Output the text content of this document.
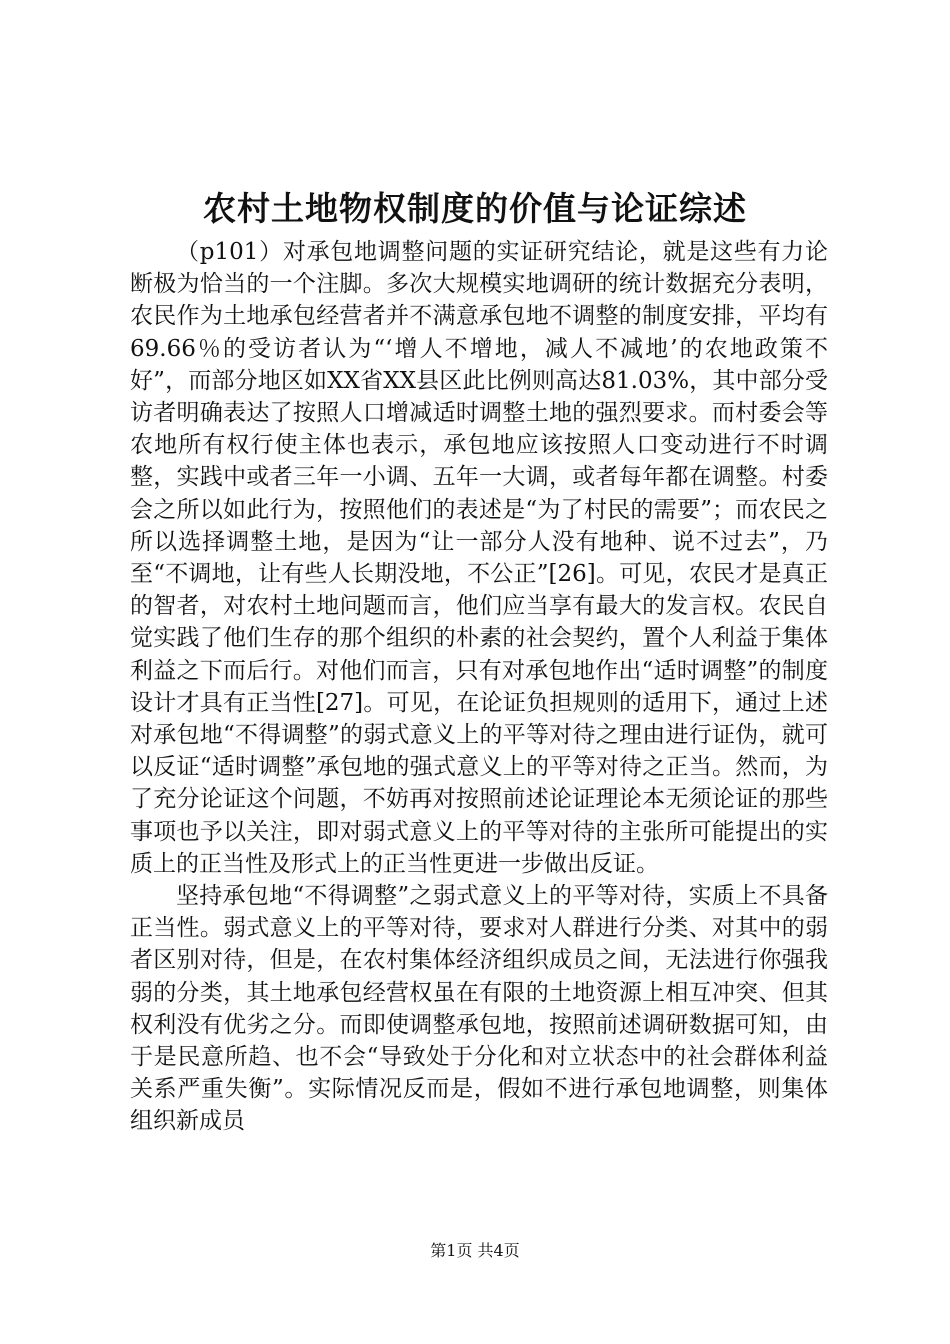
农村土地物权制度的价值与论证综述

（p101）对承包地调整问题的实证研究结论，就是这些有力论断极为恰当的一个注脚。多次大规模实地调研的统计数据充分表明，农民作为土地承包经营者并不满意承包地不调整的制度安排，平均有69.66％的受访者认为“‘增人不增地，减人不减地’的农地政策不好”，而部分地区如XX省XX县区此比例则高达81.03%，其中部分受访者明确表达了按照人口增减适时调整土地的强烈要求。而村委会等农地所有权行使主体也表示，承包地应该按照人口变动进行不时调整，实践中或者三年一小调、五年一大调，或者每年都在调整。村委会之所以如此行为，按照他们的表述是“为了村民的需要”；而农民之所以选择调整土地，是因为“让一部分人没有地种、说不过去”，乃至“不调地，让有些人长期没地，不公正”[26]。可见，农民才是真正的智者，对农村土地问题而言，他们应当享有最大的发言权。农民自觉实践了他们生存的那个组织的朴素的社会契约，置个人利益于集体利益之下而后行。对他们而言，只有对承包地作出“适时调整”的制度设计才具有正当性[27]。可见，在论证负担规则的适用下，通过上述对承包地“不得调整”的弱式意义上的平等对待之理由进行证伪，就可以反证“适时调整”承包地的强式意义上的平等对待之正当。然而，为了充分论证这个问题，不妨再对按照前述论证理论本无须论证的那些事项也予以关注，即对弱式意义上的平等对待的主张所可能提出的实质上的正当性及形式上的正当性更进一步做出反证。

坚持承包地“不得调整”之弱式意义上的平等对待，实质上不具备正当性。弱式意义上的平等对待，要求对人群进行分类、对其中的弱者区别对待，但是，在农村集体经济组织成员之间，无法进行你强我弱的分类，其土地承包经营权虽在有限的土地资源上相互冲突、但其权利没有优劣之分。而即使调整承包地，按照前述调研数据可知，由于是民意所趋、也不会“导致处于分化和对立状态中的社会群体利益关系严重失衡”。实际情况反而是，假如不进行承包地调整，则集体组织新成员

第1页 共4页
